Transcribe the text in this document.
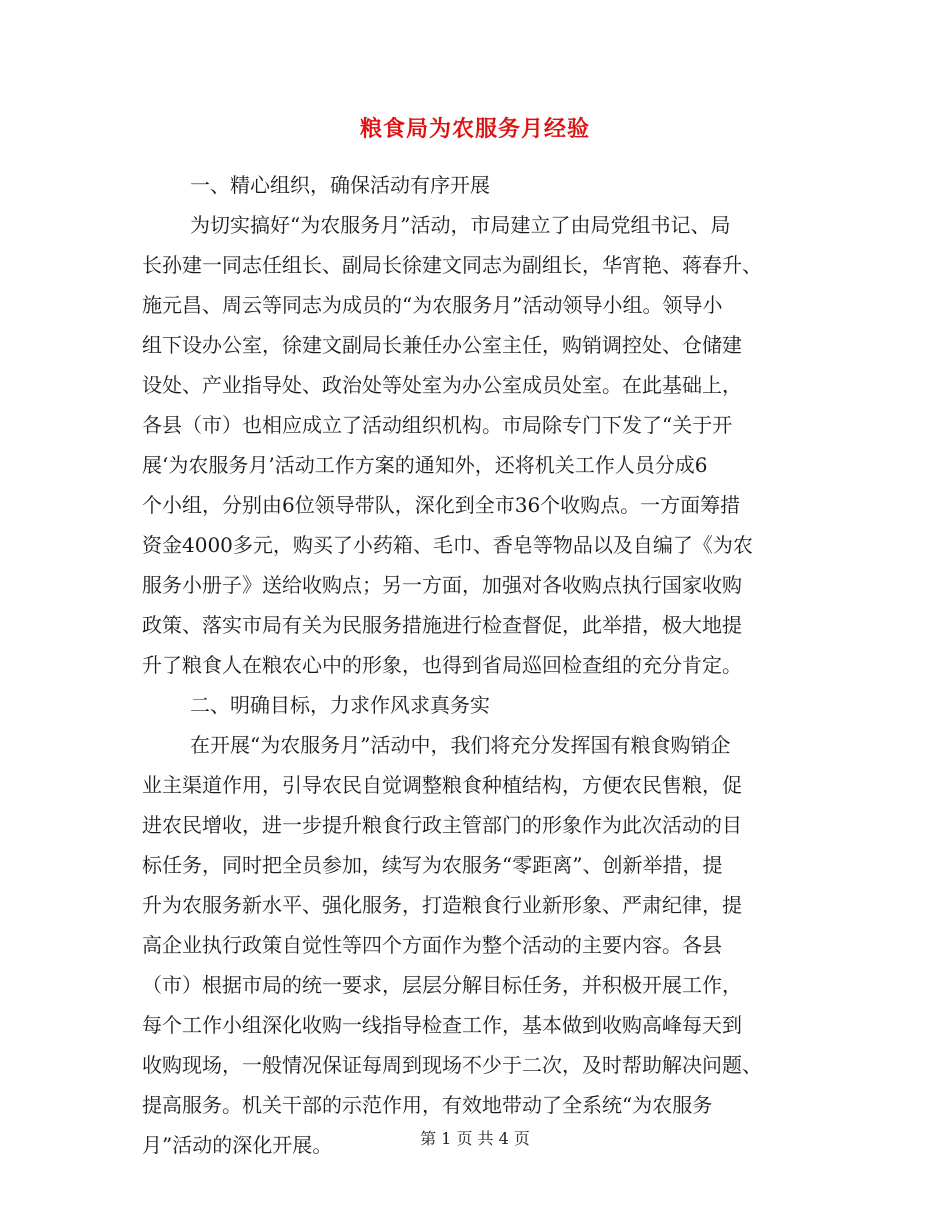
粮食局为农服务月经验
一、精心组织，确保活动有序开展
为切实搞好“为农服务月”活动，市局建立了由局党组书记、局
长孙建一同志任组长、副局长徐建文同志为副组长，华宵艳、蒋春升、
施元昌、周云等同志为成员的“为农服务月”活动领导小组。领导小
组下设办公室，徐建文副局长兼任办公室主任，购销调控处、仓储建
设处、产业指导处、政治处等处室为办公室成员处室。在此基础上，
各县（市）也相应成立了活动组织机构。市局除专门下发了“关于开
展‘为农服务月’活动工作方案的通知外，还将机关工作人员分成6
个小组，分别由6位领导带队，深化到全市36个收购点。一方面筹措
资金4000多元，购买了小药箱、毛巾、香皂等物品以及自编了《为农
服务小册子》送给收购点；另一方面，加强对各收购点执行国家收购
政策、落实市局有关为民服务措施进行检查督促，此举措，极大地提
升了粮食人在粮农心中的形象，也得到省局巡回检查组的充分肯定。
二、明确目标，力求作风求真务实
在开展“为农服务月”活动中，我们将充分发挥国有粮食购销企
业主渠道作用，引导农民自觉调整粮食种植结构，方便农民售粮，促
进农民增收，进一步提升粮食行政主管部门的形象作为此次活动的目
标任务，同时把全员参加，续写为农服务“零距离”、创新举措，提
升为农服务新水平、强化服务，打造粮食行业新形象、严肃纪律，提
高企业执行政策自觉性等四个方面作为整个活动的主要内容。各县
（市）根据市局的统一要求，层层分解目标任务，并积极开展工作，
每个工作小组深化收购一线指导检查工作，基本做到收购高峰每天到
收购现场，一般情况保证每周到现场不少于二次，及时帮助解决问题、
提高服务。机关干部的示范作用，有效地带动了全系统“为农服务
月”活动的深化开展。	第 1 页 共 4 页
